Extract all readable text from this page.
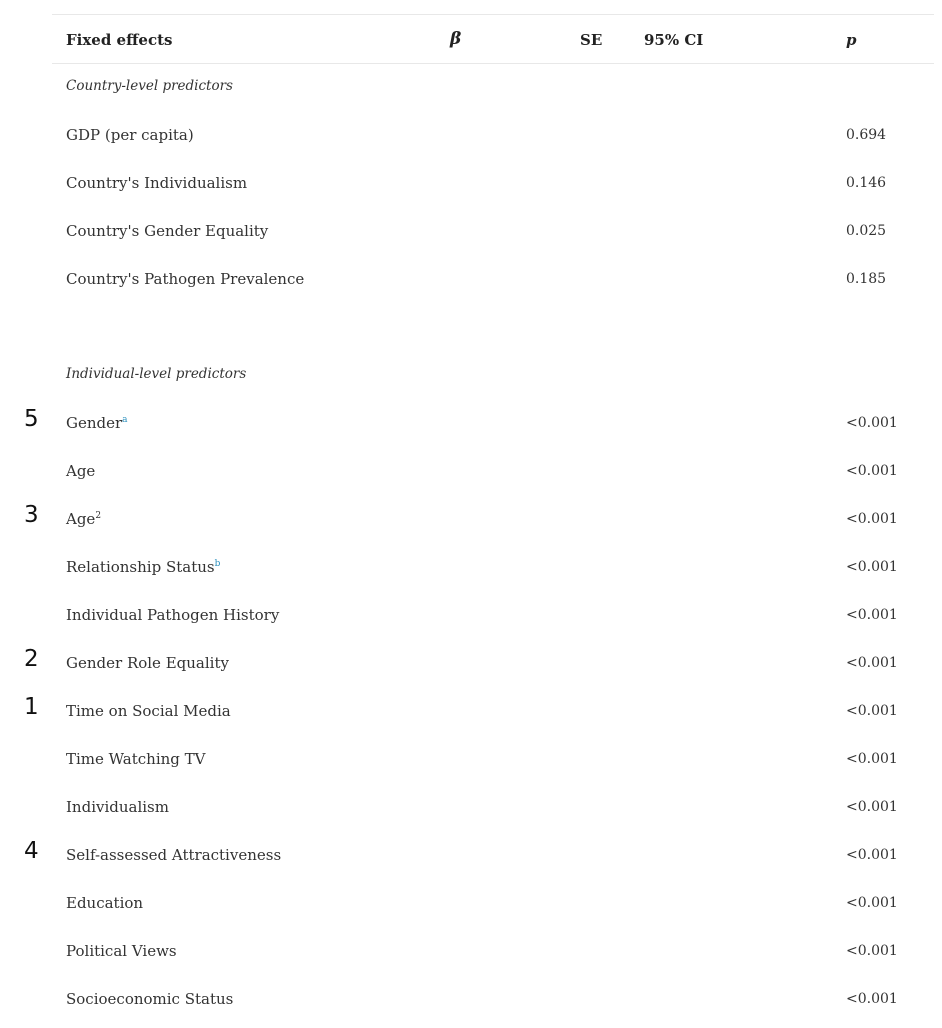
Fixed effects	β	SE	95% CI	p
Country-level predictors
GDP (per capita)	0.694
Country's Individualism	0.146
Country's Gender Equality	0.025
Country's Pathogen Prevalence	0.185
Individual-level predictors
Gender$^a$	<0.001
Age	<0.001
Age$^2$	<0.001
Relationship Status$^b$	<0.001
Individual Pathogen History	<0.001
Gender Role Equality	<0.001
Time on Social Media	<0.001
Time Watching TV	<0.001
Individualism	<0.001
Self-assessed Attractiveness	<0.001
Education	<0.001
Political Views	<0.001
Socioeconomic Status	<0.001
5
3
2
1
4
